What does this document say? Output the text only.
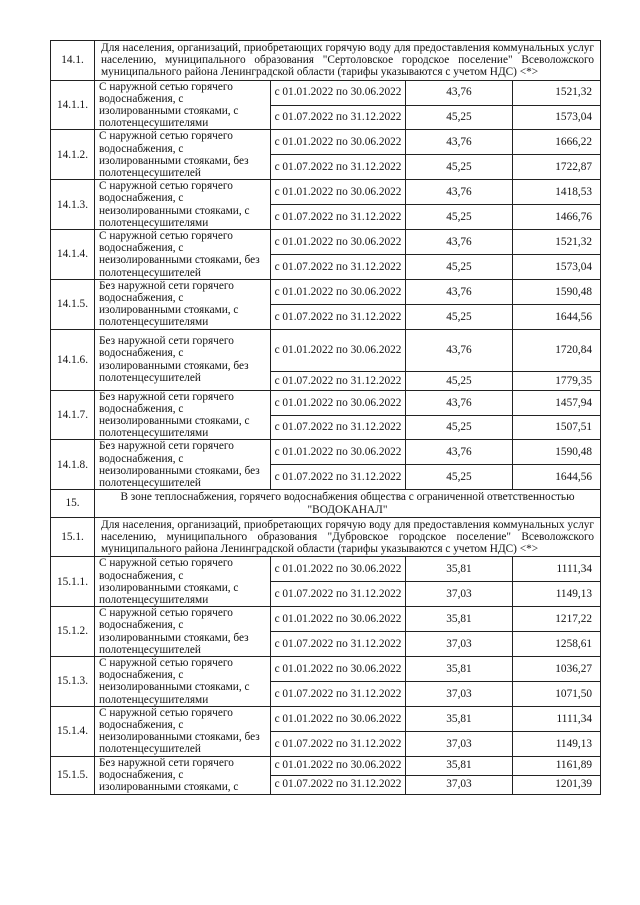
14.1.	Для населения, организаций, приобретающих горячую воду для предоставления коммунальных услуг населению, муниципального образования "Сертоловское городское поселение" Всеволожского муниципального района Ленинградской области (тарифы указываются с учетом НДС) <*>			
14.1.1.	С наружной сетью горячего водоснабжения, с изолированными стояками, с полотенцесушителями	с 01.01.2022 по 30.06.2022	43,76	1521,32
		с 01.07.2022 по 31.12.2022	45,25	1573,04
14.1.2.	С наружной сетью горячего водоснабжения, с изолированными стояками, без полотенцесушителей	с 01.01.2022 по 30.06.2022	43,76	1666,22
		с 01.07.2022 по 31.12.2022	45,25	1722,87
14.1.3.	С наружной сетью горячего водоснабжения, с неизолированными стояками, с полотенцесушителями	с 01.01.2022 по 30.06.2022	43,76	1418,53
		с 01.07.2022 по 31.12.2022	45,25	1466,76
14.1.4.	С наружной сетью горячего водоснабжения, с неизолированными стояками, без полотенцесушителей	с 01.01.2022 по 30.06.2022	43,76	1521,32
		с 01.07.2022 по 31.12.2022	45,25	1573,04
14.1.5.	Без наружной сети горячего водоснабжения, с изолированными стояками, с полотенцесушителями	с 01.01.2022 по 30.06.2022	43,76	1590,48
		с 01.07.2022 по 31.12.2022	45,25	1644,56
14.1.6.	Без наружной сети горячего водоснабжения, с изолированными стояками, без полотенцесушителей	с 01.01.2022 по 30.06.2022	43,76	1720,84
		с 01.07.2022 по 31.12.2022	45,25	1779,35
14.1.7.	Без наружной сети горячего водоснабжения, с неизолированными стояками, с полотенцесушителями	с 01.01.2022 по 30.06.2022	43,76	1457,94
		с 01.07.2022 по 31.12.2022	45,25	1507,51
14.1.8.	Без наружной сети горячего водоснабжения, с неизолированными стояками, без полотенцесушителей	с 01.01.2022 по 30.06.2022	43,76	1590,48
		с 01.07.2022 по 31.12.2022	45,25	1644,56
15.	В зоне теплоснабжения, горячего водоснабжения общества с ограниченной ответственностью "ВОДОКАНАЛ"			
15.1.	Для населения, организаций, приобретающих горячую воду для предоставления коммунальных услуг населению, муниципального образования "Дубровское городское поселение" Всеволожского муниципального района Ленинградской области (тарифы указываются с учетом НДС) <*>			
15.1.1.	С наружной сетью горячего водоснабжения, с изолированными стояками, с полотенцесушителями	с 01.01.2022 по 30.06.2022	35,81	1111,34
		с 01.07.2022 по 31.12.2022	37,03	1149,13
15.1.2.	С наружной сетью горячего водоснабжения, с изолированными стояками, без полотенцесушителей	с 01.01.2022 по 30.06.2022	35,81	1217,22
		с 01.07.2022 по 31.12.2022	37,03	1258,61
15.1.3.	С наружной сетью горячего водоснабжения, с неизолированными стояками, с полотенцесушителями	с 01.01.2022 по 30.06.2022	35,81	1036,27
		с 01.07.2022 по 31.12.2022	37,03	1071,50
15.1.4.	С наружной сетью горячего водоснабжения, с неизолированными стояками, без полотенцесушителей	с 01.01.2022 по 30.06.2022	35,81	1111,34
		с 01.07.2022 по 31.12.2022	37,03	1149,13
15.1.5.	Без наружной сети горячего водоснабжения, с изолированными стояками, с	с 01.01.2022 по 30.06.2022	35,81	1161,89
		с 01.07.2022 по 31.12.2022	37,03	1201,39
